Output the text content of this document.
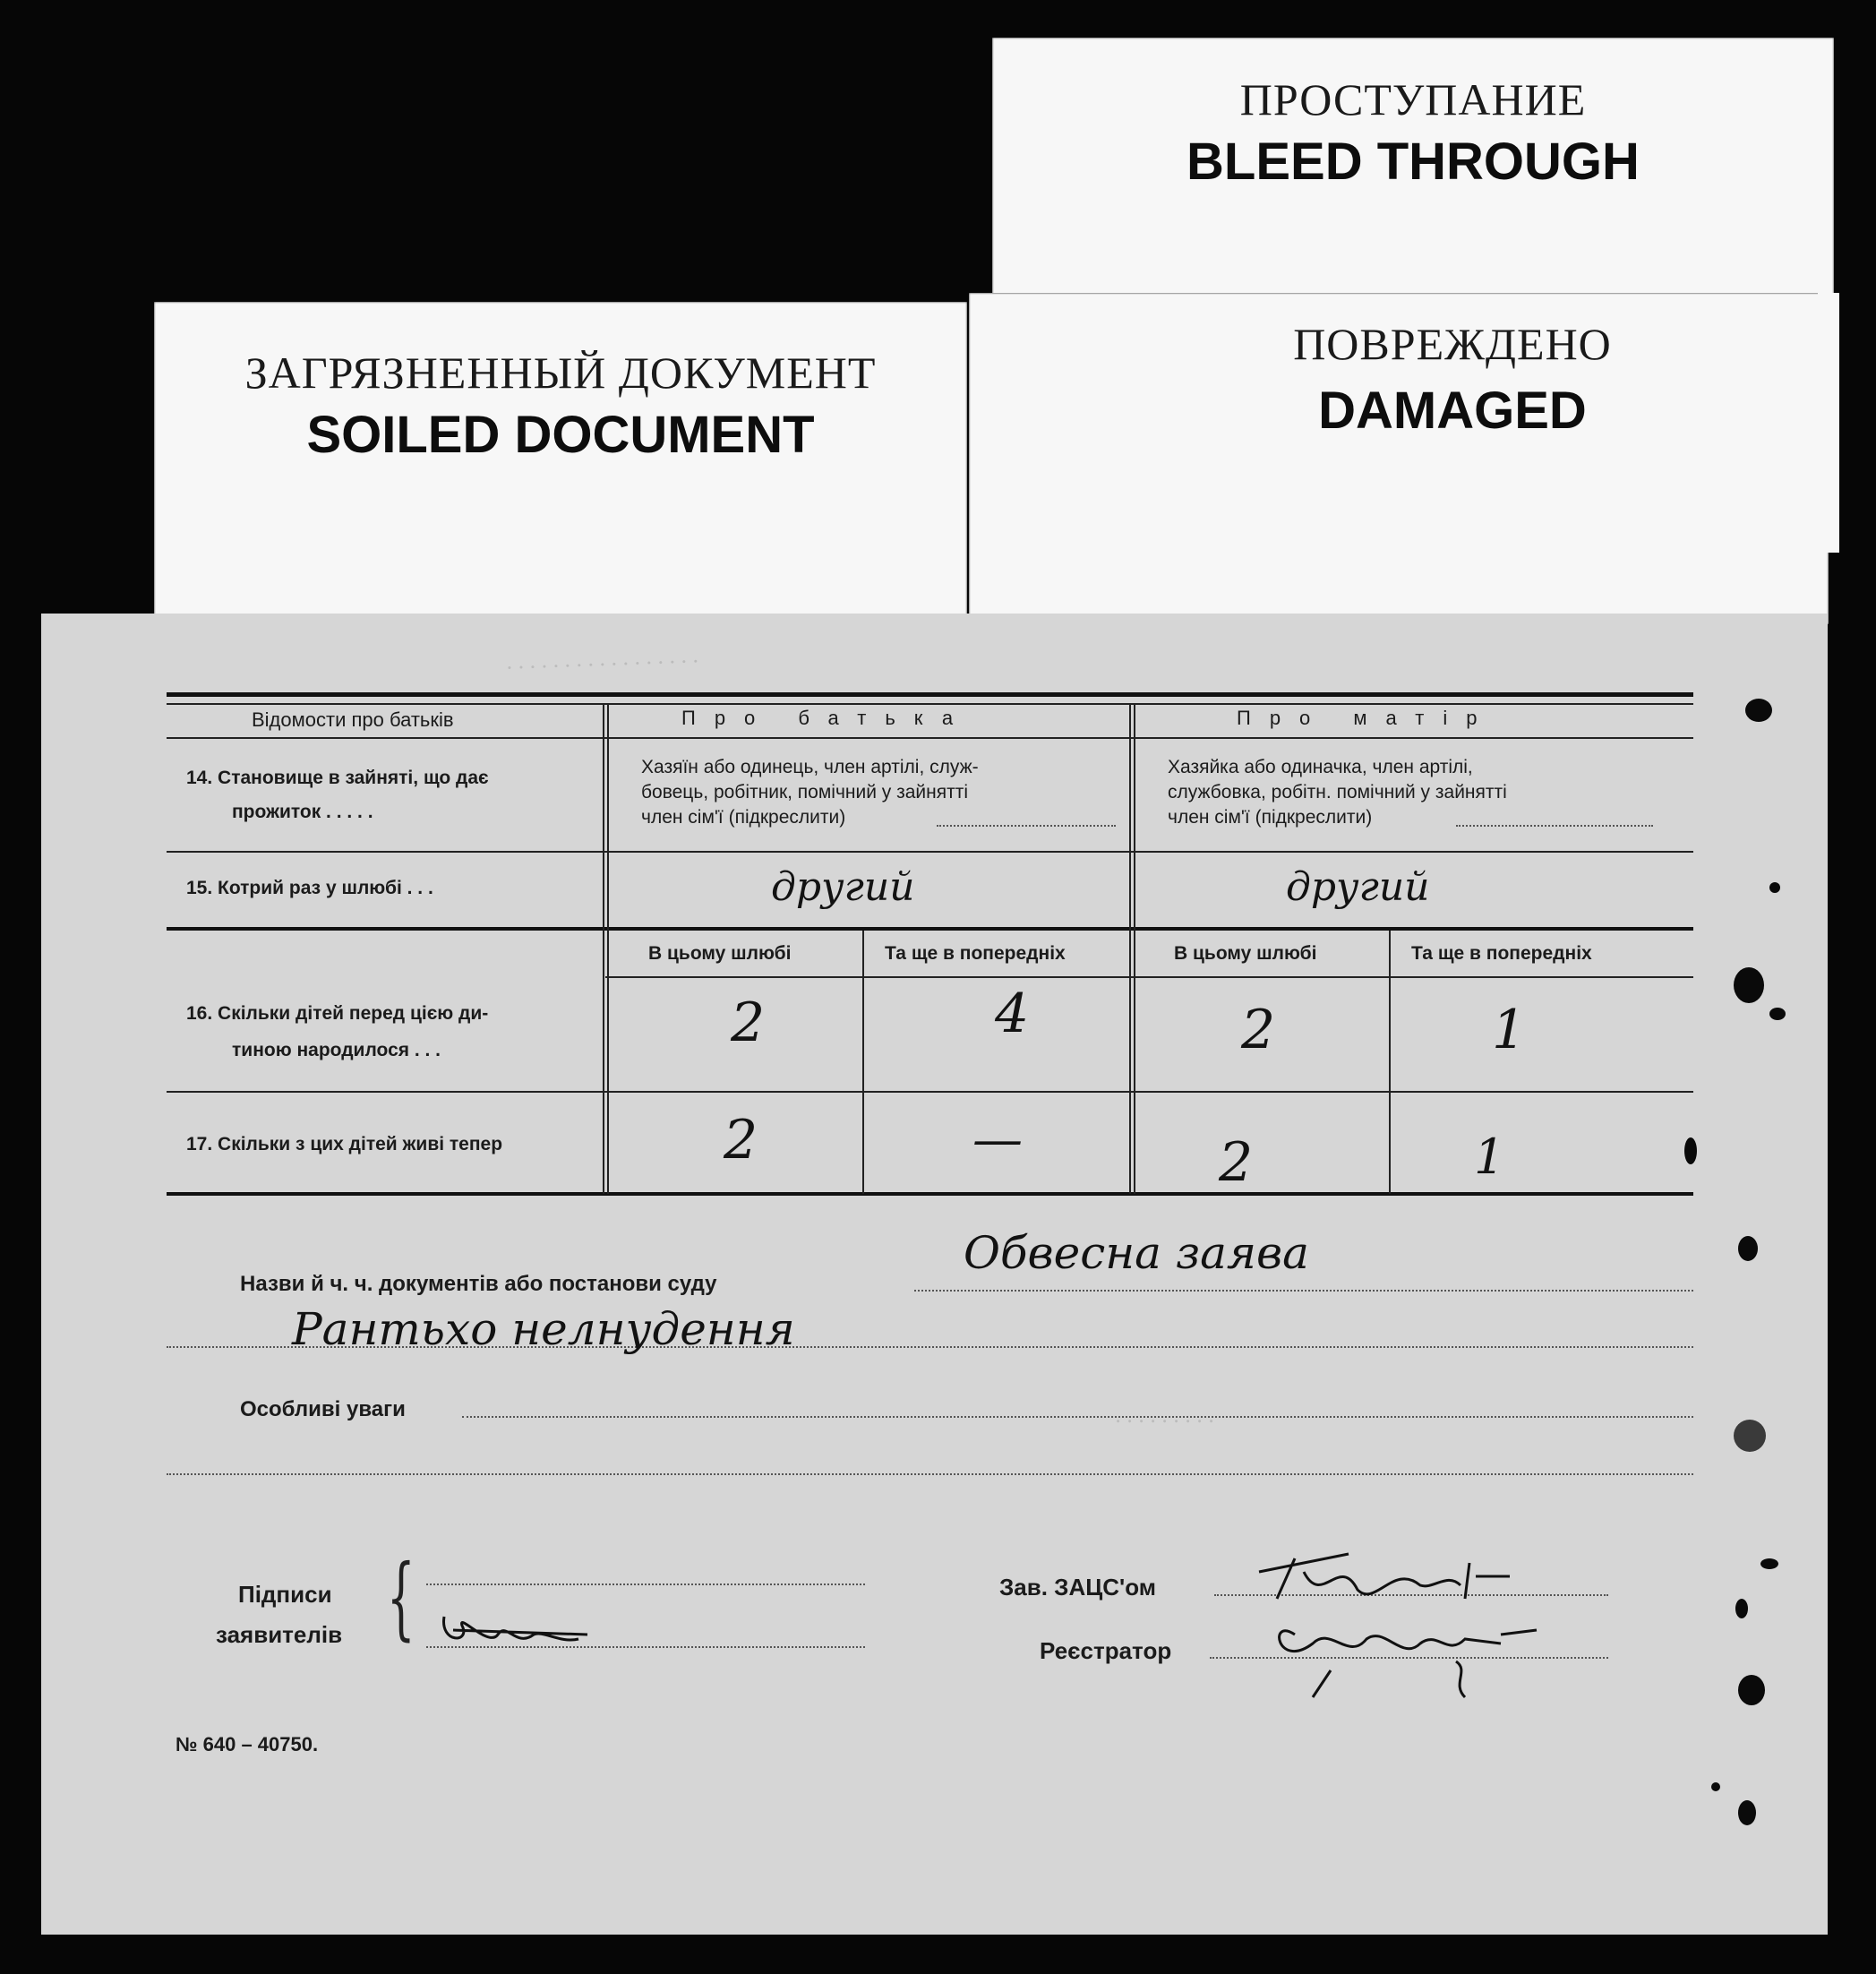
ПРОСТУПАНИЕ
BLEED THROUGH
ЗАГРЯЗНЕННЫЙ ДОКУМЕНТ
SOILED DOCUMENT
ПОВРЕЖДЕНО
DAMAGED
. . . . . . . . . . . . . . . . .
. . . . . . . . .
Відомости про батьків	Про батька	Про матір
14. Становище в зайняті, що дає
прожиток . . . . .
Хазяїн або одинець, член артілі, служ-
бовець, робітник, помічний у зайнятті
член сім'ї (підкреслити)
Хазяйка або одиначка, член артілі,
службовка, робітн. помічний у зайнятті
член сім'ї (підкреслити)
15. Котрий раз у шлюбі . . .	другий	другий
В цьому шлюбі	Та ще в попередніх	В цьому шлюбі	Та ще в попередніх
16. Скільки дітей перед цією ди-
тиною народилося . . .	2	4	2	1
17. Скільки з цих дітей живі тепер	2	—	2	1
Назви й ч. ч. документів або постанови суду
Обвесна заява
Рантьхо нелнудення
Особливі уваги
Підписи
заявителів {	Зав. ЗАЦС'ом
Реєстратор
№ 640 – 40750.
